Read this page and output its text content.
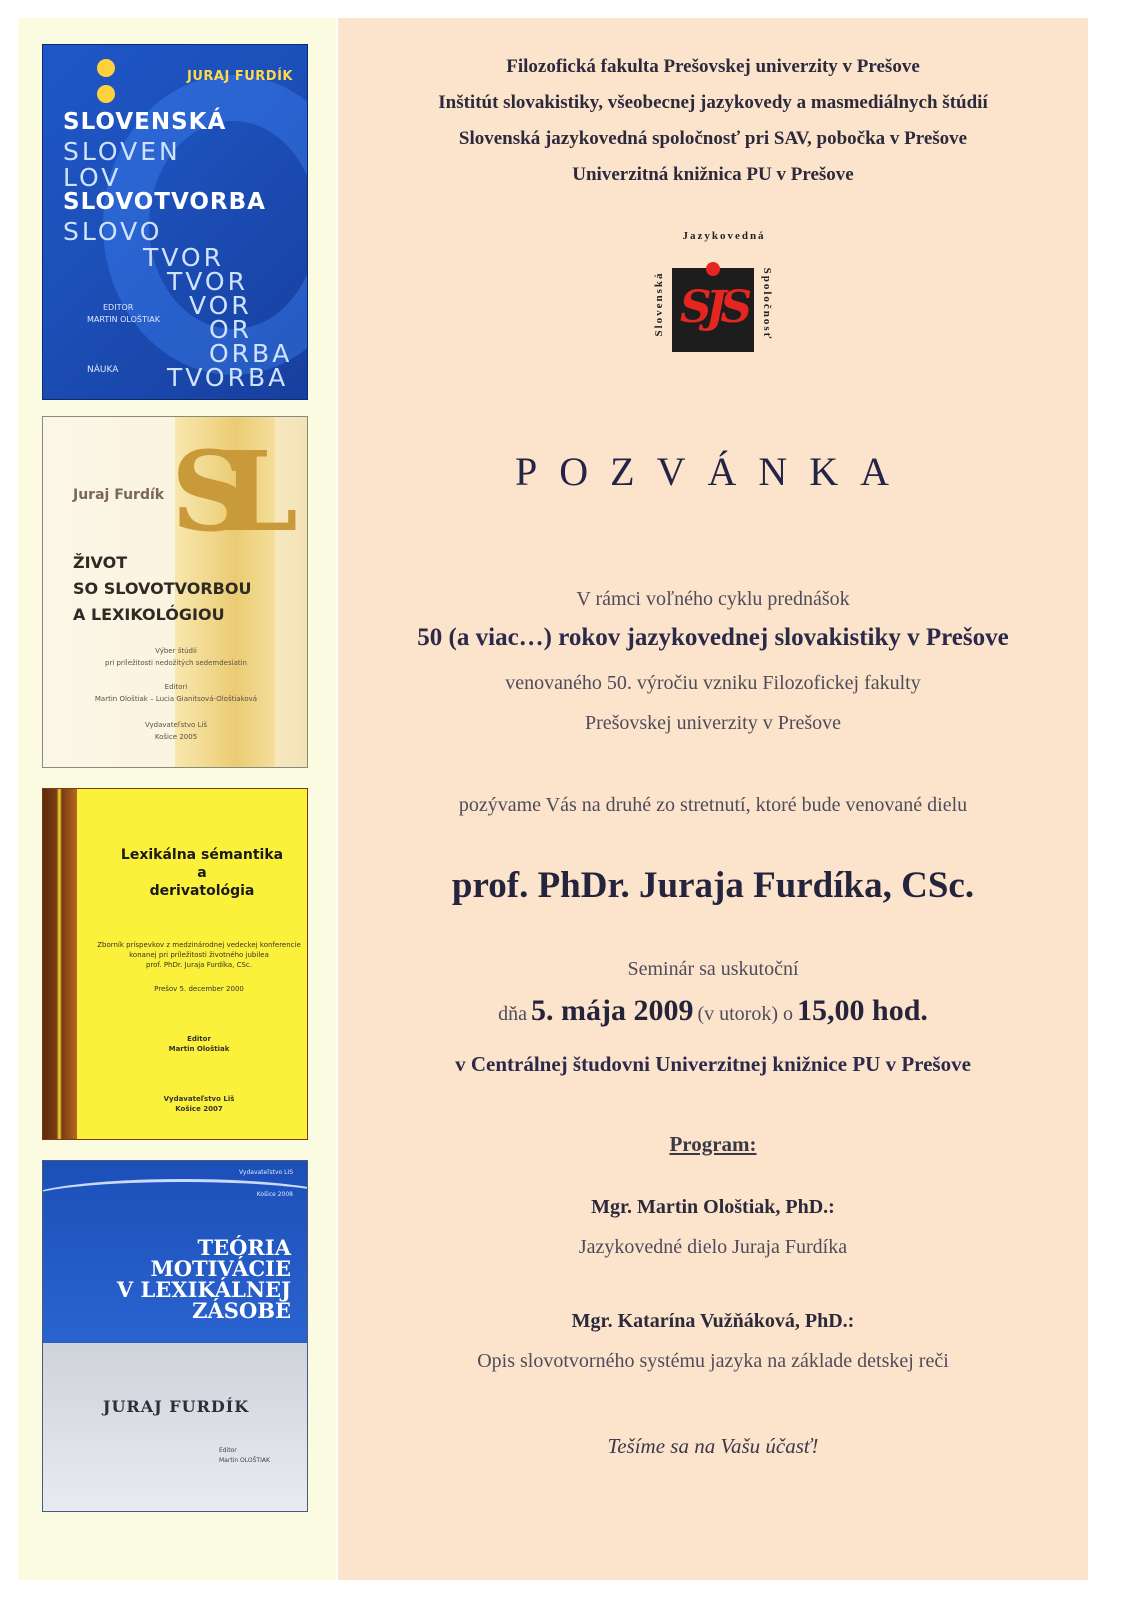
JURAJ FURDÍK
SLOVENSKÁ
SLOVEN
LOV
SLOVOTVORBA
SLOVO
TVOR
TVOR
VOR
OR
ORBA
TVORBA
EDITOR
MARTIN OLOŠTIAK
NÁUKA
SL
Juraj Furdík
ŽIVOT
SO SLOVOTVORBOU
A LEXIKOLÓGIOU
Výber štúdií
pri príležitosti nedožitých sedemdesiatin
Editori
Martin Ološtiak – Lucia Gianitsová-Ološtiaková
Vydavateľstvo Liš
Košice 2005
Lexikálna sémantika
a
derivatológia
Zborník príspevkov z medzinárodnej vedeckej konferencie
konanej pri príležitosti životného jubilea
prof. PhDr. Juraja Furdíka, CSc.
Prešov 5. december 2000
Editor
Martin Ološtiak
Vydavateľstvo Liš
Košice 2007
Vydavateľstvo LIS
Košice 2008
TEÓRIA
MOTIVÁCIE
V LEXIKÁLNEJ
ZÁSOBE
JURAJ FURDÍK
Editor
Martin OLOŠTIAK
Filozofická fakulta Prešovskej univerzity v Prešove
Inštitút slovakistiky, všeobecnej jazykovedy a masmediálnych štúdií
Slovenská jazykovedná spoločnosť pri SAV, pobočka v Prešove
Univerzitná knižnica PU v Prešove
Jazykovedná
Slovenská	Spoločnosť
SJS
POZVÁNKA
V rámci voľného cyklu prednášok
50 (a viac…) rokov jazykovednej slovakistiky v Prešove
venovaného 50. výročiu vzniku Filozofickej fakulty
Prešovskej univerzity v Prešove
pozývame Vás na druhé zo stretnutí, ktoré bude venované dielu
prof. PhDr. Juraja Furdíka, CSc.
Seminár sa uskutoční
dňa 5. mája 2009 (v utorok) o 15,00 hod.
v Centrálnej študovni Univerzitnej knižnice PU v Prešove
Program:
Mgr. Martin Ološtiak, PhD.:
Jazykovedné dielo Juraja Furdíka
Mgr. Katarína Vužňáková, PhD.:
Opis slovotvorného systému jazyka na základe detskej reči
Tešíme sa na Vašu účasť!
